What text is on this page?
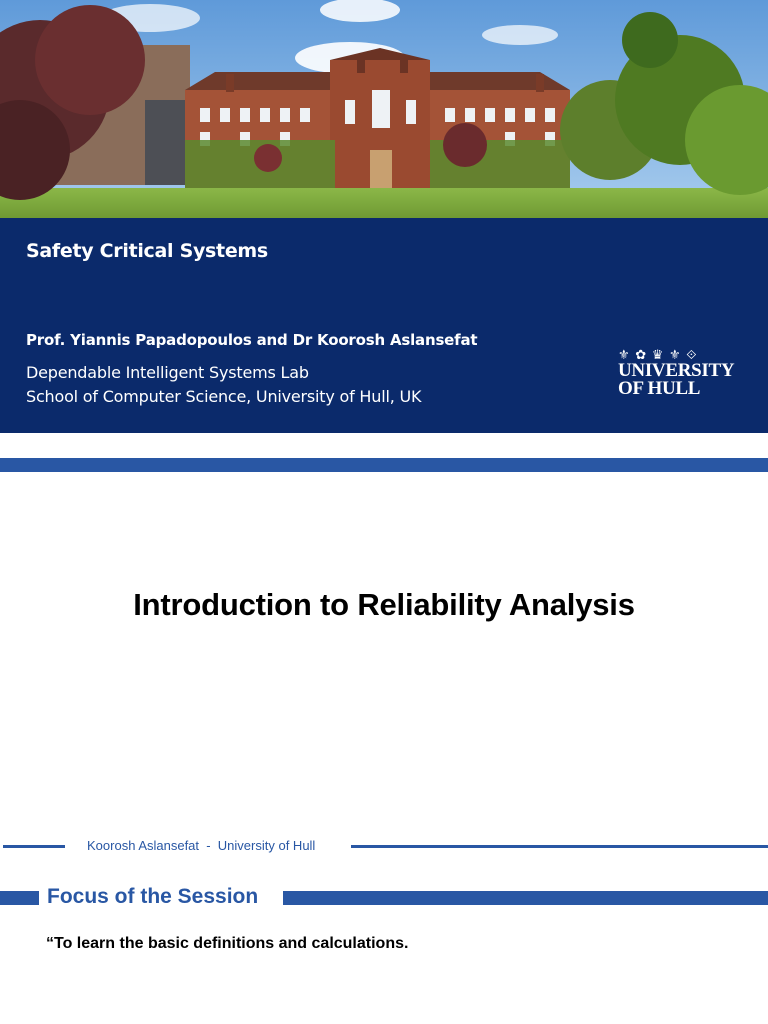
Safety Critical Systems
Prof. Yiannis Papadopoulos and Dr Koorosh Aslansefat
Dependable Intelligent Systems Lab
School of Computer Science, University of Hull, UK
⚜ ✿ ♛ ⚜ ⟐
UNIVERSITY
OF HULL
Introduction to Reliability Analysis
Koorosh Aslansefat  -  University of Hull
Focus of the Session
“To learn the basic definitions and calculations.
